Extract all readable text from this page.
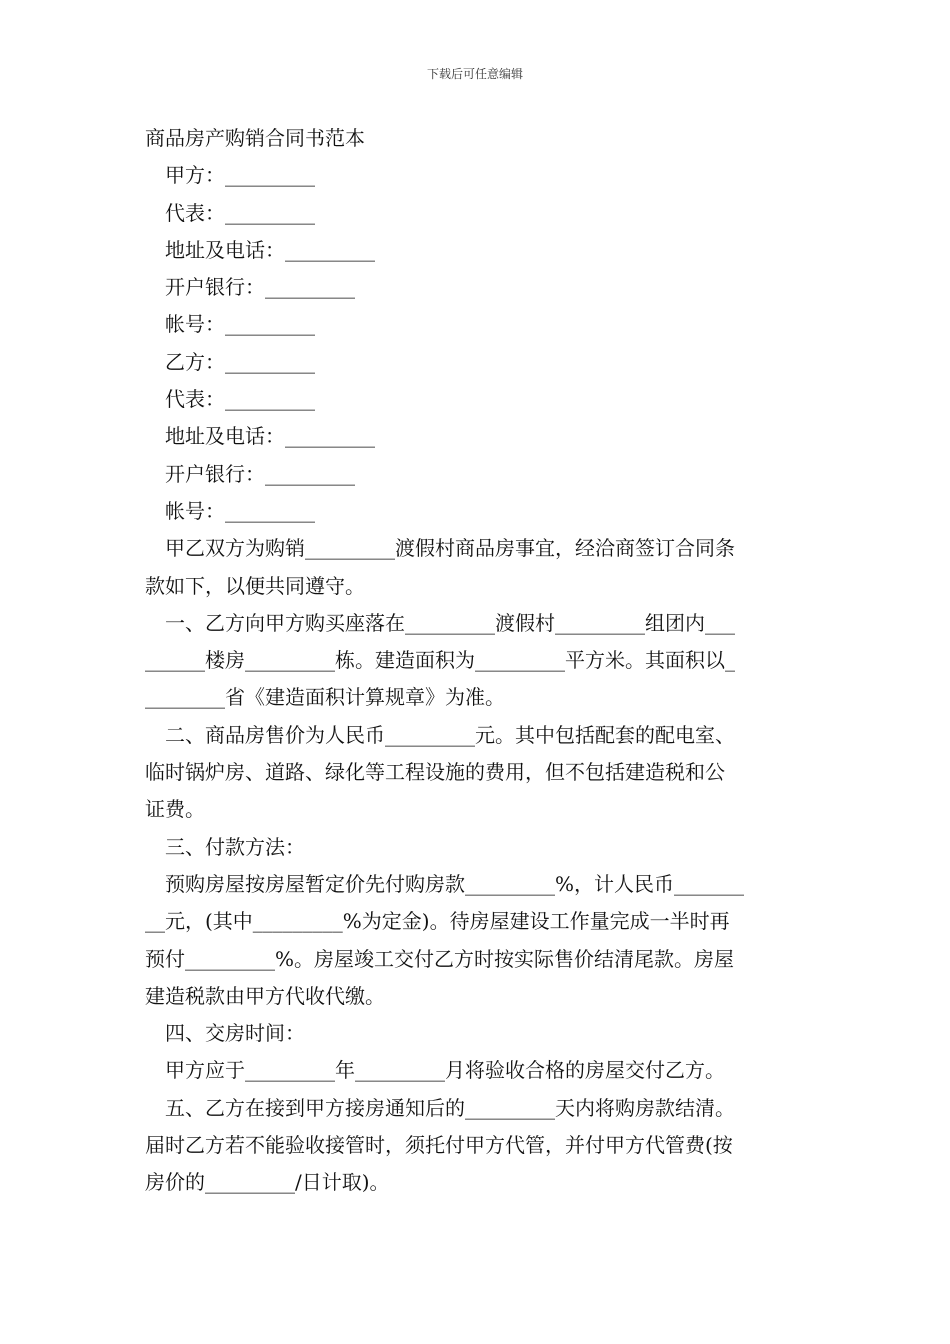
下载后可任意编辑

商品房产购销合同书范本

甲方：_________

代表：_________

地址及电话：_________

开户银行：_________

帐号：_________

乙方：_________

代表：_________

地址及电话：_________

开户银行：_________

帐号：_________

甲乙双方为购销_________渡假村商品房事宜，经洽商签订合同条

款如下，以便共同遵守。

一、乙方向甲方购买座落在_________渡假村_________组团内___

______楼房_________栋。建造面积为_________平方米。其面积以_

________省《建造面积计算规章》为准。

二、商品房售价为人民币_________元。其中包括配套的配电室、

临时锅炉房、道路、绿化等工程设施的费用，但不包括建造税和公

证费。

三、付款方法：

预购房屋按房屋暂定价先付购房款_________%，计人民币_______

__元，(其中_________%为定金)。待房屋建设工作量完成一半时再

预付_________%。房屋竣工交付乙方时按实际售价结清尾款。房屋

建造税款由甲方代收代缴。

四、交房时间：

甲方应于_________年_________月将验收合格的房屋交付乙方。

五、乙方在接到甲方接房通知后的_________天内将购房款结清。

届时乙方若不能验收接管时，须托付甲方代管，并付甲方代管费(按

房价的_________/日计取)。
